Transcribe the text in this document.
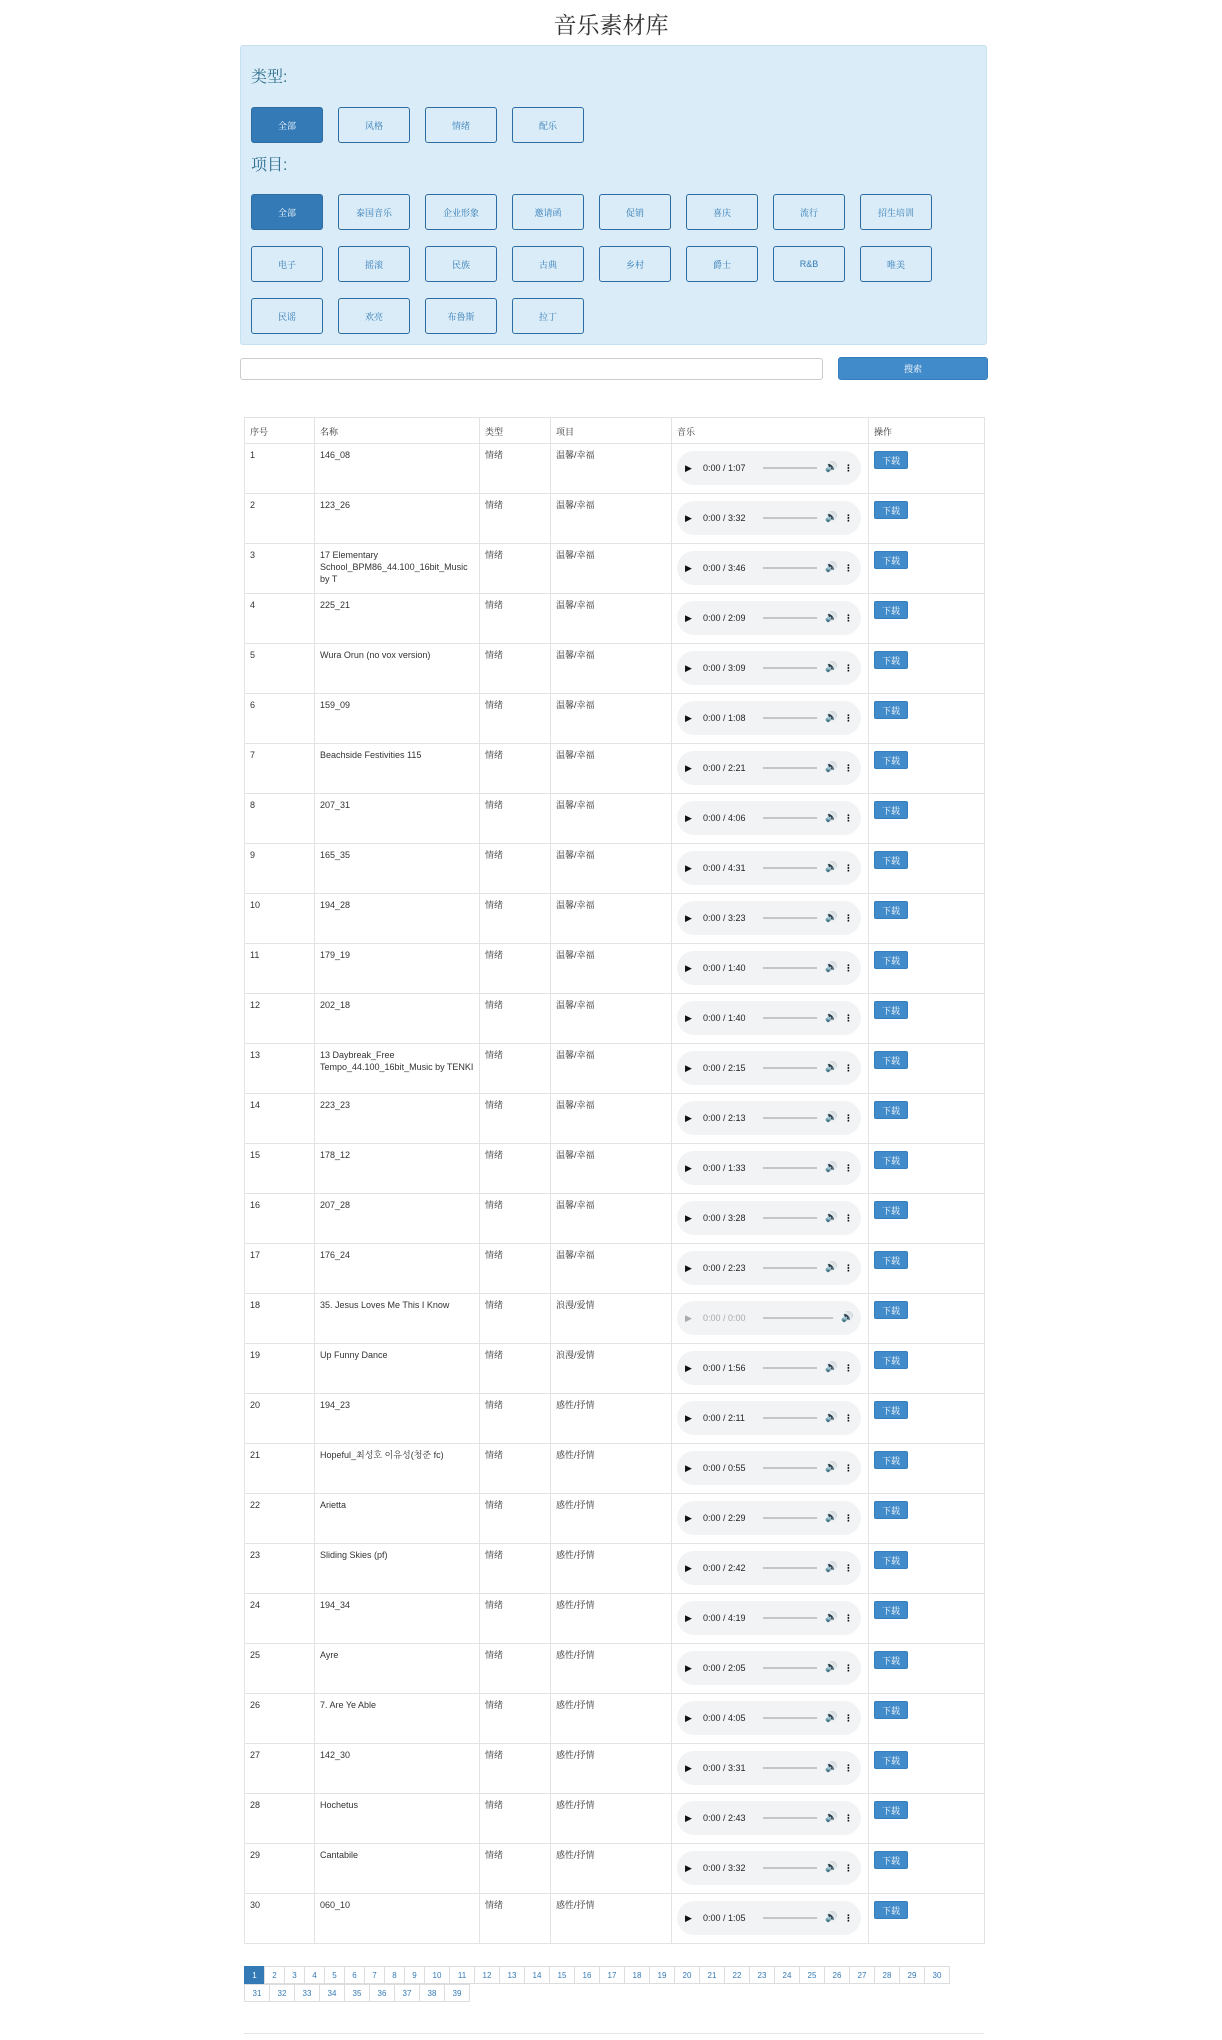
音乐素材库
类型:
项目:
全部	风格	情绪	配乐
全部	泰国音乐	企业形象	邀请函	促销	喜庆	流行	招生培训
电子	摇滚	民族	古典	乡村	爵士	R&B	唯美
民谣	欢亮	布鲁斯	拉丁
搜索
序号	名称	类型	项目	音乐	操作
1	146_08	情绪	温馨/幸福	▶ 0:00 / 1:07 🔊 ⋮	下载
2	123_26	情绪	温馨/幸福	▶ 0:00 / 3:32 🔊 ⋮	下载
3	17 Elementary School_BPM86_44.100_16bit_Music by T	情绪	温馨/幸福	▶ 0:00 / 3:46 🔊 ⋮	下载
4	225_21	情绪	温馨/幸福	▶ 0:00 / 2:09 🔊 ⋮	下载
5	Wura Orun (no vox version)	情绪	温馨/幸福	▶ 0:00 / 3:09 🔊 ⋮	下载
6	159_09	情绪	温馨/幸福	▶ 0:00 / 1:08 🔊 ⋮	下载
7	Beachside Festivities 115	情绪	温馨/幸福	▶ 0:00 / 2:21 🔊 ⋮	下载
8	207_31	情绪	温馨/幸福	▶ 0:00 / 4:06 🔊 ⋮	下载
9	165_35	情绪	温馨/幸福	▶ 0:00 / 4:31 🔊 ⋮	下载
10	194_28	情绪	温馨/幸福	▶ 0:00 / 3:23 🔊 ⋮	下载
11	179_19	情绪	温馨/幸福	▶ 0:00 / 1:40 🔊 ⋮	下载
12	202_18	情绪	温馨/幸福	▶ 0:00 / 1:40 🔊 ⋮	下载
13	13 Daybreak_Free Tempo_44.100_16bit_Music by TENKI	情绪	温馨/幸福	▶ 0:00 / 2:15 🔊 ⋮	下载
14	223_23	情绪	温馨/幸福	▶ 0:00 / 2:13 🔊 ⋮	下载
15	178_12	情绪	温馨/幸福	▶ 0:00 / 1:33 🔊 ⋮	下载
16	207_28	情绪	温馨/幸福	▶ 0:00 / 3:28 🔊 ⋮	下载
17	176_24	情绪	温馨/幸福	▶ 0:00 / 2:23 🔊 ⋮	下载
18	35. Jesus Loves Me This I Know	情绪	浪漫/爱情	▶ 0:00 / 0:00 🔊	下载
19	Up Funny Dance	情绪	浪漫/爱情	▶ 0:00 / 1:56 🔊 ⋮	下载
20	194_23	情绪	感性/抒情	▶ 0:00 / 2:11 🔊 ⋮	下载
21	Hopeful_최성호 이유성(청준 fc)	情绪	感性/抒情	▶ 0:00 / 0:55 🔊 ⋮	下载
22	Arietta	情绪	感性/抒情	▶ 0:00 / 2:29 🔊 ⋮	下载
23	Sliding Skies (pf)	情绪	感性/抒情	▶ 0:00 / 2:42 🔊 ⋮	下载
24	194_34	情绪	感性/抒情	▶ 0:00 / 4:19 🔊 ⋮	下载
25	Ayre	情绪	感性/抒情	▶ 0:00 / 2:05 🔊 ⋮	下载
26	7. Are Ye Able	情绪	感性/抒情	▶ 0:00 / 4:05 🔊 ⋮	下载
27	142_30	情绪	感性/抒情	▶ 0:00 / 3:31 🔊 ⋮	下载
28	Hochetus	情绪	感性/抒情	▶ 0:00 / 2:43 🔊 ⋮	下载
29	Cantabile	情绪	感性/抒情	▶ 0:00 / 3:32 🔊 ⋮	下载
30	060_10	情绪	感性/抒情	▶ 0:00 / 1:05 🔊 ⋮	下载
1	2	3	4	5	6	7	8	9	10	11	12	13	14	15	16	17	18	19	20	21	22	23	24	25	26	27	28	29	30
31	32	33	34	35	36	37	38	39
